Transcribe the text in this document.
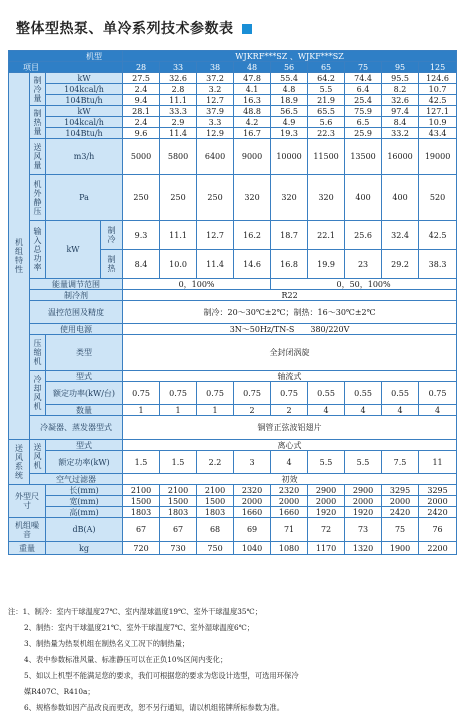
整体型热泵、单冷系列技术参数表
机型				WJKRF***SZ 、WJKF***SZ								
项目				28	33	38	48	56	65	75	95	125
机组特性	制冷量	kW		27.5	32.6	37.2	47.8	55.4	64.2	74.4	95.5	124.6
		104kcal/h		2.4	2.8	3.2	4.1	4.8	5.5	6.4	8.2	10.7
		104Btu/h		9.4	11.1	12.7	16.3	18.9	21.9	25.4	32.6	42.5
	制热量	kW		28.1	33.3	37.9	48.8	56.5	65.5	75.9	97.4	127.1
		104kcal/h		2.4	2.9	3.3	4.2	4.9	5.6	6.5	8.4	10.9
		104Btu/h		9.6	11.4	12.9	16.7	19.3	22.3	25.9	33.2	43.4
	送风量	m3/h		5000	5800	6400	9000	10000	11500	13500	16000	19000
	机外静压	Pa		250	250	250	320	320	320	400	400	520
	输入总功率	kW	制冷	9.3	11.1	12.7	16.2	18.7	22.1	25.6	32.4	42.5
			制热	8.4	10.0	11.4	14.6	16.8	19.9	23	29.2	38.3
	能量调节范围			0，100%				0，50，100%				
	制冷剂			R22								
	温控范围及精度			制冷：20～30℃±2℃；制热：16～30℃±2℃								
	使用电源			3N～50Hz/TN-S　　380/220V								
	压缩机	类型		全封闭涡旋								
	冷却风机	型式		轴流式								
		额定功率(kW/台)		0.75	0.75	0.75	0.75	0.75	0.55	0.55	0.55	0.75
		数量		1	1	1	2	2	4	4	4	4
	冷凝器、蒸发器型式			铜管正弦波铝翅片								
送风系统	送风机	型式		离心式								
		额定功率(kW)		1.5	1.5	2.2	3	4	5.5	5.5	7.5	11
	空气过滤器			初效								
外型尺寸		长(mm)		2100	2100	2100	2320	2320	2900	2900	3295	3295
		宽(mm)		1500	1500	1500	2000	2000	2000	2000	2000	2000
		高(mm)		1803	1803	1803	1660	1660	1920	1920	2420	2420
机组噪音		dB(A)		67	67	68	69	71	72	73	75	76
重量		kg		720	730	750	1040	1080	1170	1320	1900	2200
注：1、制冷：室内干球温度27℃、室内湿球温度19℃、室外干球温度35℃；
2、制热：室内干球温度21℃、室外干球温度7℃、室外湿球温度6℃；
3、制热量为热泵机组在制热名义工况下的制热量；
4、表中参数标准风量、标准静压可以在正负10%区间内变化；
5、如以上机型不能满足您的要求，我们可根据您的要求为您设计选型，可选用环保冷
媒R407C、R410a；
6、规格参数如因产品改良而更改，恕不另行通知，请以机组铭牌所标参数为准。
